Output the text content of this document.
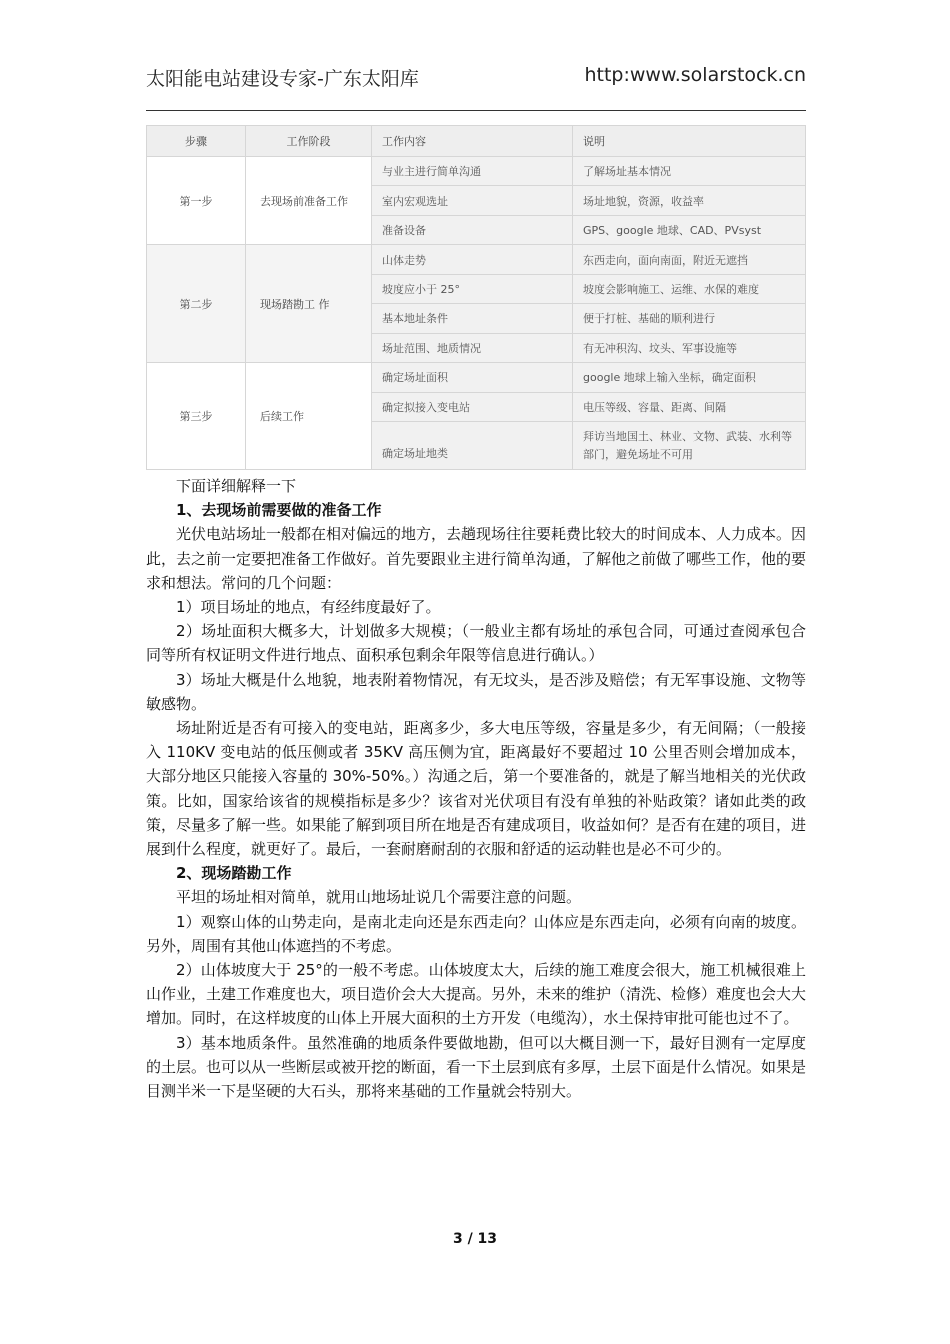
太阳能电站建设专家-广东太阳库	http:www.solarstock.cn
步骤	工作阶段	工作内容	说明
第一步	去现场前准备工作	与业主进行简单沟通	了解场址基本情况
		室内宏观选址	场址地貌，资源，收益率
		准备设备	GPS、google 地球、CAD、PVsyst
第二步	现场踏勘工 作	山体走势	东西走向，面向南面，附近无遮挡
		坡度应小于 25°	坡度会影响施工、运维、水保的难度
		基本地址条件	便于打桩、基础的顺利进行
		场址范围、地质情况	有无冲积沟、坟头、军事设施等
第三步	后续工作	确定场址面积	google 地球上输入坐标，确定面积
		确定拟接入变电站	电压等级、容量、距离、间隔
		确定场址地类	拜访当地国土、林业、文物、武装、水利等部门，避免场址不可用

下面详细解释一下

1、去现场前需要做的准备工作

光伏电站场址一般都在相对偏远的地方，去趟现场往往要耗费比较大的时间成本、人力成本。因此，去之前一定要把准备工作做好。首先要跟业主进行简单沟通，了解他之前做了哪些工作，他的要求和想法。常问的几个问题：

1）项目场址的地点，有经纬度最好了。

2）场址面积大概多大，计划做多大规模；（一般业主都有场址的承包合同，可通过查阅承包合同等所有权证明文件进行地点、面积承包剩余年限等信息进行确认。）

3）场址大概是什么地貌，地表附着物情况，有无坟头，是否涉及赔偿；有无军事设施、文物等敏感物。

场址附近是否有可接入的变电站，距离多少，多大电压等级，容量是多少，有无间隔；（一般接入 110KV 变电站的低压侧或者 35KV 高压侧为宜，距离最好不要超过 10 公里否则会增加成本，大部分地区只能接入容量的 30%-50%。）沟通之后，第一个要准备的，就是了解当地相关的光伏政策。比如，国家给该省的规模指标是多少？该省对光伏项目有没有单独的补贴政策？诸如此类的政策，尽量多了解一些。如果能了解到项目所在地是否有建成项目，收益如何？是否有在建的项目，进展到什么程度，就更好了。最后，一套耐磨耐刮的衣服和舒适的运动鞋也是必不可少的。

2、现场踏勘工作

平坦的场址相对简单，就用山地场址说几个需要注意的问题。

1）观察山体的山势走向，是南北走向还是东西走向？山体应是东西走向，必须有向南的坡度。另外，周围有其他山体遮挡的不考虑。

2）山体坡度大于 25°的一般不考虑。山体坡度太大，后续的施工难度会很大，施工机械很难上山作业，土建工作难度也大，项目造价会大大提高。另外，未来的维护（清洗、检修）难度也会大大增加。同时，在这样坡度的山体上开展大面积的土方开发（电缆沟），水土保持审批可能也过不了。

3）基本地质条件。虽然准确的地质条件要做地勘，但可以大概目测一下，最好目测有一定厚度的土层。也可以从一些断层或被开挖的断面，看一下土层到底有多厚，土层下面是什么情况。如果是目测半米一下是坚硬的大石头，那将来基础的工作量就会特别大。

3 / 13
